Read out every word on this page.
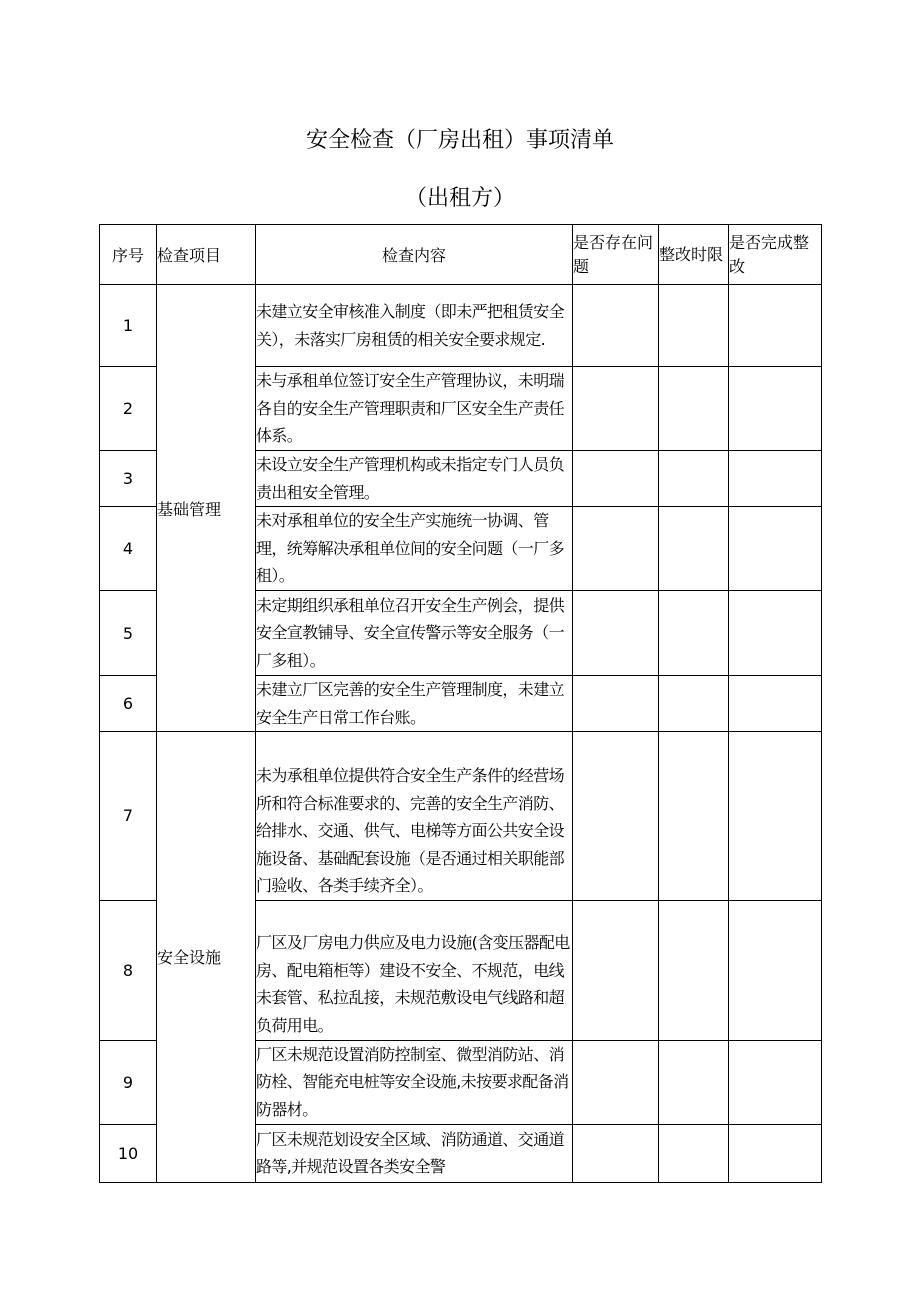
安全检查（厂房出租）事项清单
（出租方）
序号	检查项目	检查内容	是否存在问题	整改时限	是否完成整改
1	基础管理	未建立安全审核准入制度（即未严把租赁安全关），未落实厂房租赁的相关安全要求规定.			
2		未与承租单位签订安全生产管理协议，未明瑞各自的安全生产管理职责和厂区安全生产责任体系。			
3		未设立安全生产管理机构或未指定专门人员负责出租安全管理。			
4		未对承租单位的安全生产实施统一协调、管理，统筹解决承租单位间的安全问题（一厂多租）。			
5		未定期组织承租单位召开安全生产例会，提供安全宣教铺导、安全宣传警示等安全服务（一厂多租）。			
6		未建立厂区完善的安全生产管理制度，未建立安全生产日常工作台账。			
7	安全设施	未为承租单位提供符合安全生产条件的经营场所和符合标准要求的、完善的安全生产消防、给排水、交通、供气、电梯等方面公共安全设施设备、基础配套设施（是否通过相关职能部门验收、各类手续齐全）。			
8		厂区及厂房电力供应及电力设施(含变压器配电房、配电箱柜等）建设不安全、不规范，电线未套管、私拉乱接，未规范敷设电气线路和超负荷用电。			
9		厂区未规范设置消防控制室、微型消防站、消防栓、智能充电桩等安全设施,未按要求配备消防器材。			
10		厂区未规范划设安全区域、消防通道、交通道路等,并规范设置各类安全警			
